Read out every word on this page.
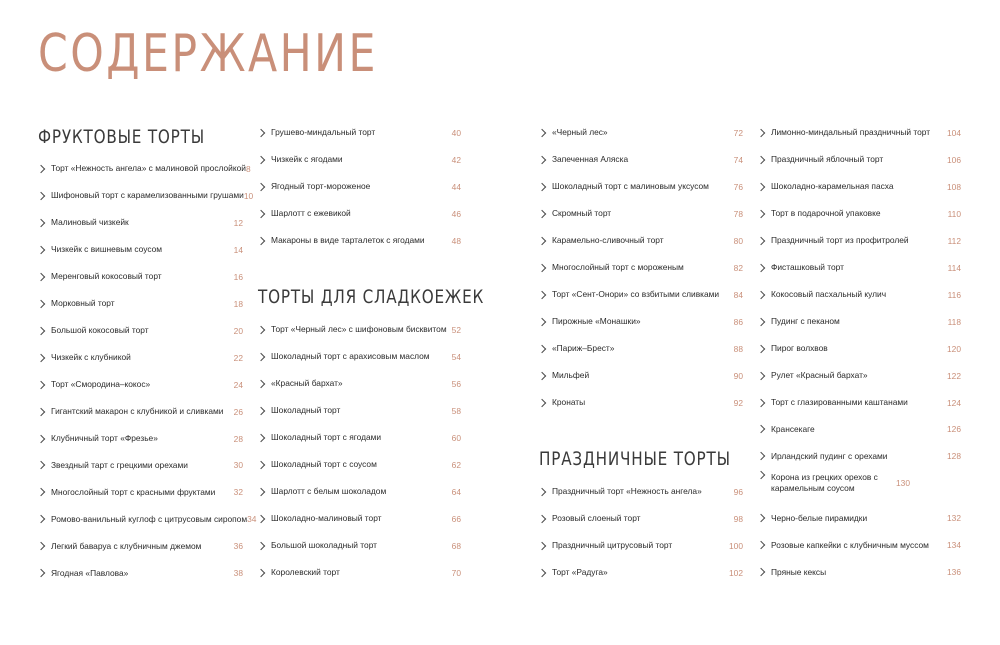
СОДЕРЖАНИЕ
ФРУКТОВЫЕ ТОРТЫ
Торт «Нежность ангела» с малиновой прослойкой 8
Шифоновый торт с карамелизованными грушами 10
Малиновый чизкейк	12
Чизкейк с вишневым соусом	14
Меренговый кокосовый торт	16
Морковный торт	18
Большой кокосовый торт	20
Чизкейк с клубникой	22
Торт «Смородина–кокос»	24
Гигантский макарон с клубникой и сливками	26
Клубничный торт «Фрезье»	28
Звездный тарт с грецкими орехами	30
Многослойный торт с красными фруктами	32
Ромово-ванильный куглоф с цитрусовым сиропом 34
Легкий баваруа с клубничным джемом	36
Ягодная «Павлова»	38
Грушево-миндальный торт	40
Чизкейк с ягодами	42
Ягодный торт-мороженое	44
Шарлотт с ежевикой	46
Макароны в виде тарталеток с ягодами	48
ТОРТЫ ДЛЯ СЛАДКОЕЖЕК
Торт «Черный лес» с шифоновым бисквитом 52
Шоколадный торт с арахисовым маслом	54
«Красный бархат»	56
Шоколадный торт	58
Шоколадный торт с ягодами	60
Шоколадный торт с соусом	62
Шарлотт с белым шоколадом	64
Шоколадно-малиновый торт	66
Большой шоколадный торт	68
Королевский торт	70
«Черный лес»	72
Запеченная Аляска	74
Шоколадный торт с малиновым уксусом	76
Скромный торт	78
Карамельно-сливочный торт	80
Многослойный торт с мороженым	82
Торт «Сент-Онори» со взбитыми сливками	84
Пирожные «Монашки»	86
«Париж–Брест»	88
Мильфей	90
Кронаты	92
ПРАЗДНИЧНЫЕ ТОРТЫ
Праздничный торт «Нежность ангела»	96
Розовый слоеный торт	98
Праздничный цитрусовый торт	100
Торт «Радуга»	102
Лимонно-миндальный праздничный торт	104
Праздничный яблочный торт	106
Шоколадно-карамельная пасха	108
Торт в подарочной упаковке	110
Праздничный торт из профитролей	112
Фисташковый торт	114
Кокосовый пасхальный кулич	116
Пудинг с пеканом	118
Пирог волхвов	120
Рулет «Красный бархат»	122
Торт с глазированными каштанами	124
Крансекаге	126
Ирландский пудинг с орехами	128
Корона из грецких орехов с карамельным соусом	130
Черно-белые пирамидки	132
Розовые капкейки с клубничным муссом	134
Пряные кексы	136
